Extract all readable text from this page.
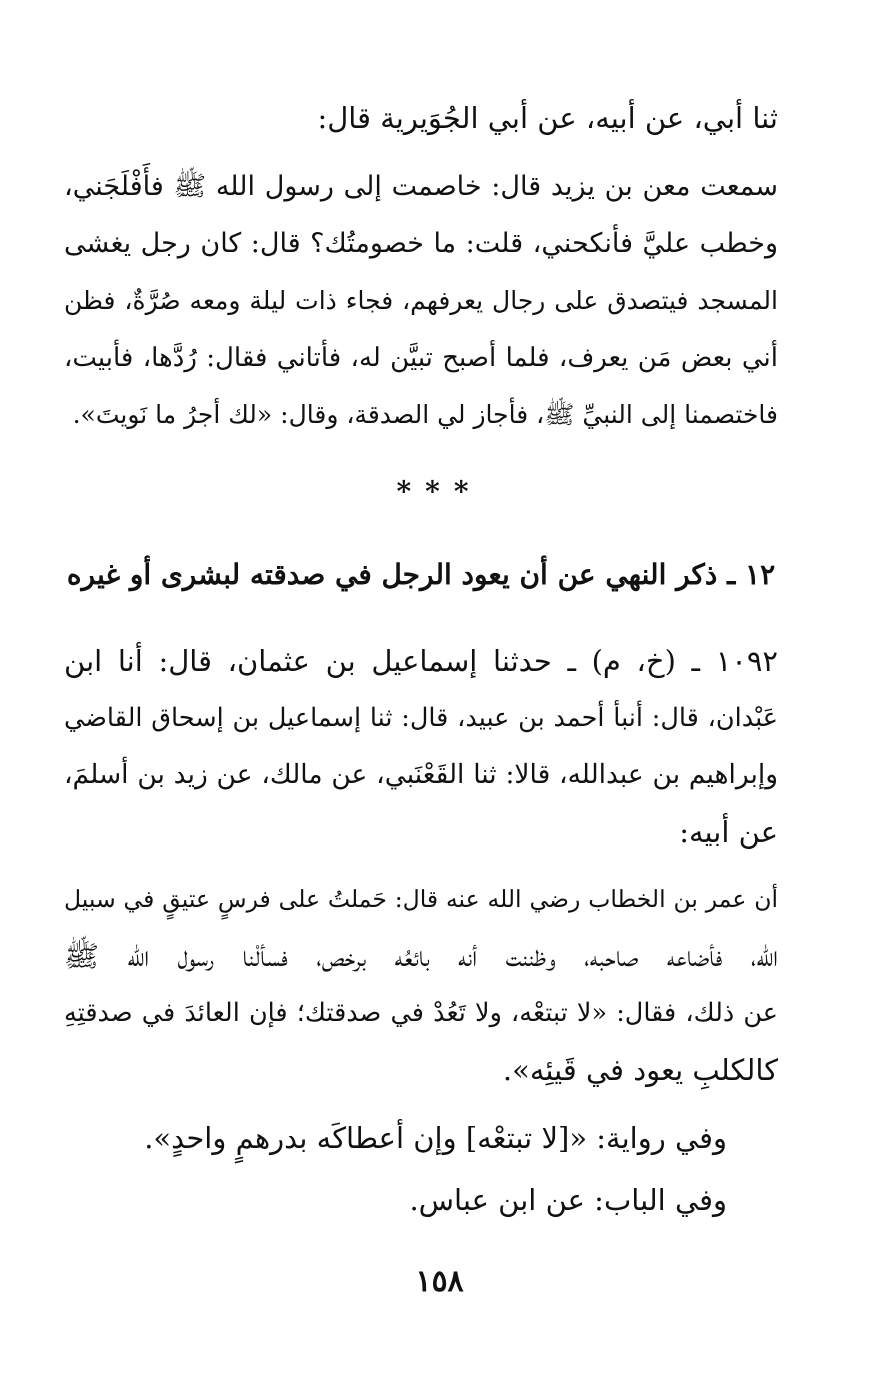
ثنا أبي، عن أبيه، عن أبي الجُوَيرية قال:
سمعت معن بن يزيد قال: خاصمت إلى رسول الله ﷺ فأَفْلَجَني،
وخطب عليَّ فأنكحني، قلت: ما خصومتُك؟ قال: كان رجل يغشى
المسجد فيتصدق على رجال يعرفهم، فجاء ذات ليلة ومعه صُرَّةٌ، فظن
أني بعض مَن يعرف، فلما أصبح تبيَّن له، فأتاني فقال: رُدَّها، فأبيت،
فاختصمنا إلى النبيِّ ﷺ، فأجاز لي الصدقة، وقال: «لك أجرُ ما نَويتَ».
***
١٢ ـ ذكر النهي عن أن يعود الرجل في صدقته لبشرى أو غيره
١٠٩٢ ـ (خ، م) ـ حدثنا إسماعيل بن عثمان، قال: أنا ابن
عَبْدان، قال: أنبأ أحمد بن عبيد، قال: ثنا إسماعيل بن إسحاق القاضي
وإبراهيم بن عبدالله، قالا: ثنا القَعْنَبي، عن مالك، عن زيد بن أسلمَ،
عن أبيه:
أن عمر بن الخطاب رضي الله عنه قال: حَملتُ على فرسٍ عتيقٍ في سبيل
الله، فأضاعه صاحبه، وظننت أنه بائعُه برخص، فسألْنا رسول الله ﷺ
عن ذلك، فقال: «لا تبتعْه، ولا تَعُدْ في صدقتك؛ فإن العائدَ في صدقتِهِ
كالكلبِ يعود في قَيئِه».
وفي رواية: «[لا تبتعْه] وإن أعطاكَه بدرهمٍ واحدٍ».
وفي الباب: عن ابن عباس.
١٥٨
